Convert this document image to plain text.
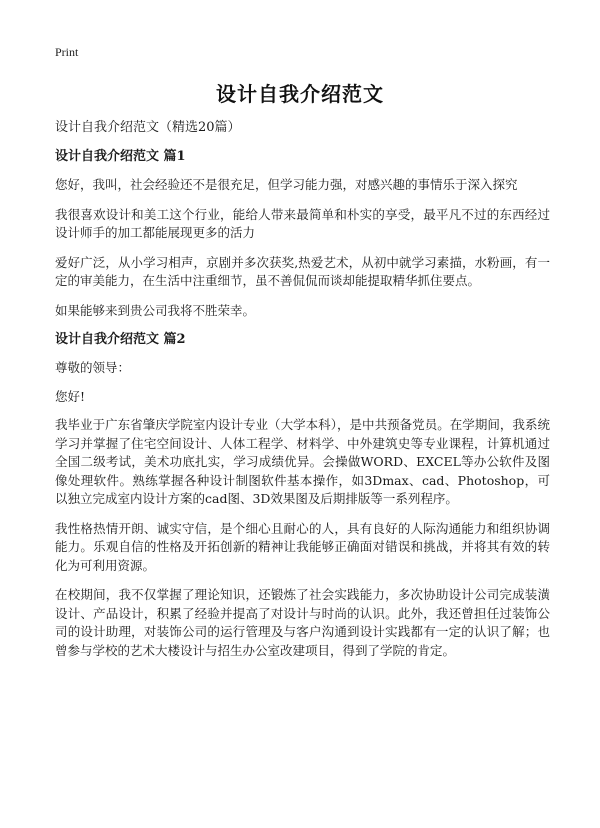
Print
设计自我介绍范文
设计自我介绍范文（精选20篇）
设计自我介绍范文 篇1

您好，我叫，社会经验还不是很充足，但学习能力强，对感兴趣的事情乐于深入探究

我很喜欢设计和美工这个行业，能给人带来最简单和朴实的享受，最平凡不过的东西经过设计师手的加工都能展现更多的活力

爱好广泛，从小学习相声，京剧并多次获奖,热爱艺术，从初中就学习素描，水粉画，有一定的审美能力，在生活中注重细节，虽不善侃侃而谈却能提取精华抓住要点。

如果能够来到贵公司我将不胜荣幸。

设计自我介绍范文 篇2

尊敬的领导：

您好!

我毕业于广东省肇庆学院室内设计专业（大学本科），是中共预备党员。在学期间，我系统学习并掌握了住宅空间设计、人体工程学、材料学、中外建筑史等专业课程，计算机通过全国二级考试，美术功底扎实，学习成绩优异。会操做WORD、EXCEL等办公软件及图像处理软件。熟练掌握各种设计制图软件基本操作，如3Dmax、cad、Photoshop，可以独立完成室内设计方案的cad图、3D效果图及后期排版等一系列程序。

我性格热情开朗、诚实守信，是个细心且耐心的人，具有良好的人际沟通能力和组织协调能力。乐观自信的性格及开拓创新的精神让我能够正确面对错误和挑战，并将其有效的转化为可利用资源。

在校期间，我不仅掌握了理论知识，还锻炼了社会实践能力，多次协助设计公司完成装潢设计、产品设计，积累了经验并提高了对设计与时尚的认识。此外，我还曾担任过装饰公司的设计助理，对装饰公司的运行管理及与客户沟通到设计实践都有一定的认识了解；也曾参与学校的艺术大楼设计与招生办公室改建项目，得到了学院的肯定。
